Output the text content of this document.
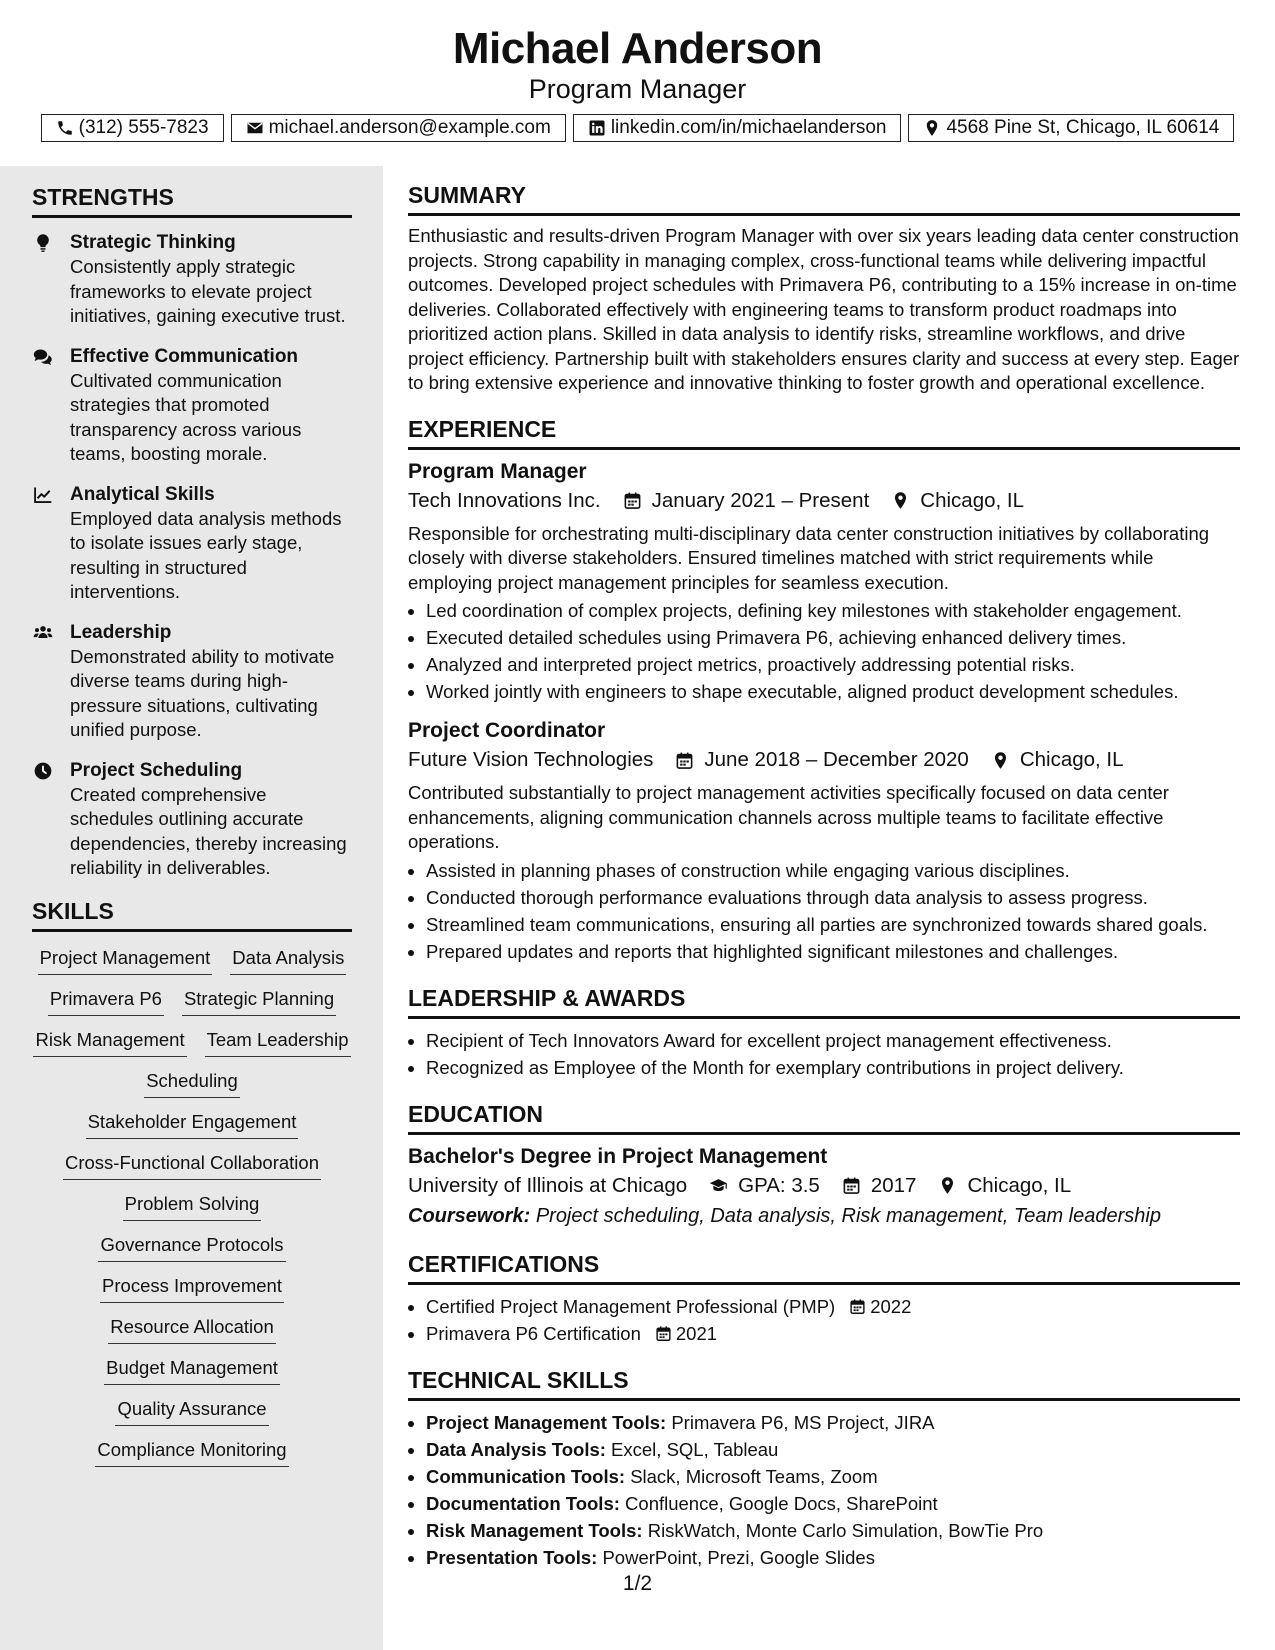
Michael Anderson
Program Manager
(312) 555-7823	michael.anderson@example.com	linkedin.com/in/michaelanderson	4568 Pine St, Chicago, IL 60614
STRENGTHS
Strategic Thinking
Consistently apply strategic frameworks to elevate project initiatives, gaining executive trust.
Effective Communication
Cultivated communication strategies that promoted transparency across various teams, boosting morale.
Analytical Skills
Employed data analysis methods to isolate issues early stage, resulting in structured interventions.
Leadership
Demonstrated ability to motivate diverse teams during high-pressure situations, cultivating unified purpose.
Project Scheduling
Created comprehensive schedules outlining accurate dependencies, thereby increasing reliability in deliverables.
SKILLS
Project Management Data Analysis
Primavera P6 Strategic Planning
Risk Management Team Leadership
Scheduling
Stakeholder Engagement
Cross-Functional Collaboration
Problem Solving
Governance Protocols
Process Improvement
Resource Allocation
Budget Management
Quality Assurance
Compliance Monitoring
SUMMARY

Enthusiastic and results-driven Program Manager with over six years leading data center construction projects. Strong capability in managing complex, cross-functional teams while delivering impactful outcomes. Developed project schedules with Primavera P6, contributing to a 15% increase in on-time deliveries. Collaborated effectively with engineering teams to transform product roadmaps into prioritized action plans. Skilled in data analysis to identify risks, streamline workflows, and drive project efficiency. Partnership built with stakeholders ensures clarity and success at every step. Eager to bring extensive experience and innovative thinking to foster growth and operational excellence.

EXPERIENCE
Program Manager
Tech Innovations Inc. January 2021 – Present Chicago, IL

Responsible for orchestrating multi-disciplinary data center construction initiatives by collaborating closely with diverse stakeholders. Ensured timelines matched with strict requirements while employing project management principles for seamless execution.

• Led coordination of complex projects, defining key milestones with stakeholder engagement.
• Executed detailed schedules using Primavera P6, achieving enhanced delivery times.
• Analyzed and interpreted project metrics, proactively addressing potential risks.
• Worked jointly with engineers to shape executable, aligned product development schedules.
Project Coordinator
Future Vision Technologies June 2018 – December 2020 Chicago, IL

Contributed substantially to project management activities specifically focused on data center enhancements, aligning communication channels across multiple teams to facilitate effective operations.

• Assisted in planning phases of construction while engaging various disciplines.
• Conducted thorough performance evaluations through data analysis to assess progress.
• Streamlined team communications, ensuring all parties are synchronized towards shared goals.
• Prepared updates and reports that highlighted significant milestones and challenges.
LEADERSHIP & AWARDS
• Recipient of Tech Innovators Award for excellent project management effectiveness.
• Recognized as Employee of the Month for exemplary contributions in project delivery.
EDUCATION
Bachelor's Degree in Project Management
University of Illinois at Chicago GPA: 3.5 2017 Chicago, IL
Coursework: Project scheduling, Data analysis, Risk management, Team leadership
CERTIFICATIONS
• Certified Project Management Professional (PMP) 2022
• Primavera P6 Certification 2021
TECHNICAL SKILLS
• Project Management Tools: Primavera P6, MS Project, JIRA
• Data Analysis Tools: Excel, SQL, Tableau
• Communication Tools: Slack, Microsoft Teams, Zoom
• Documentation Tools: Confluence, Google Docs, SharePoint
• Risk Management Tools: RiskWatch, Monte Carlo Simulation, BowTie Pro
• Presentation Tools: PowerPoint, Prezi, Google Slides
1/2
